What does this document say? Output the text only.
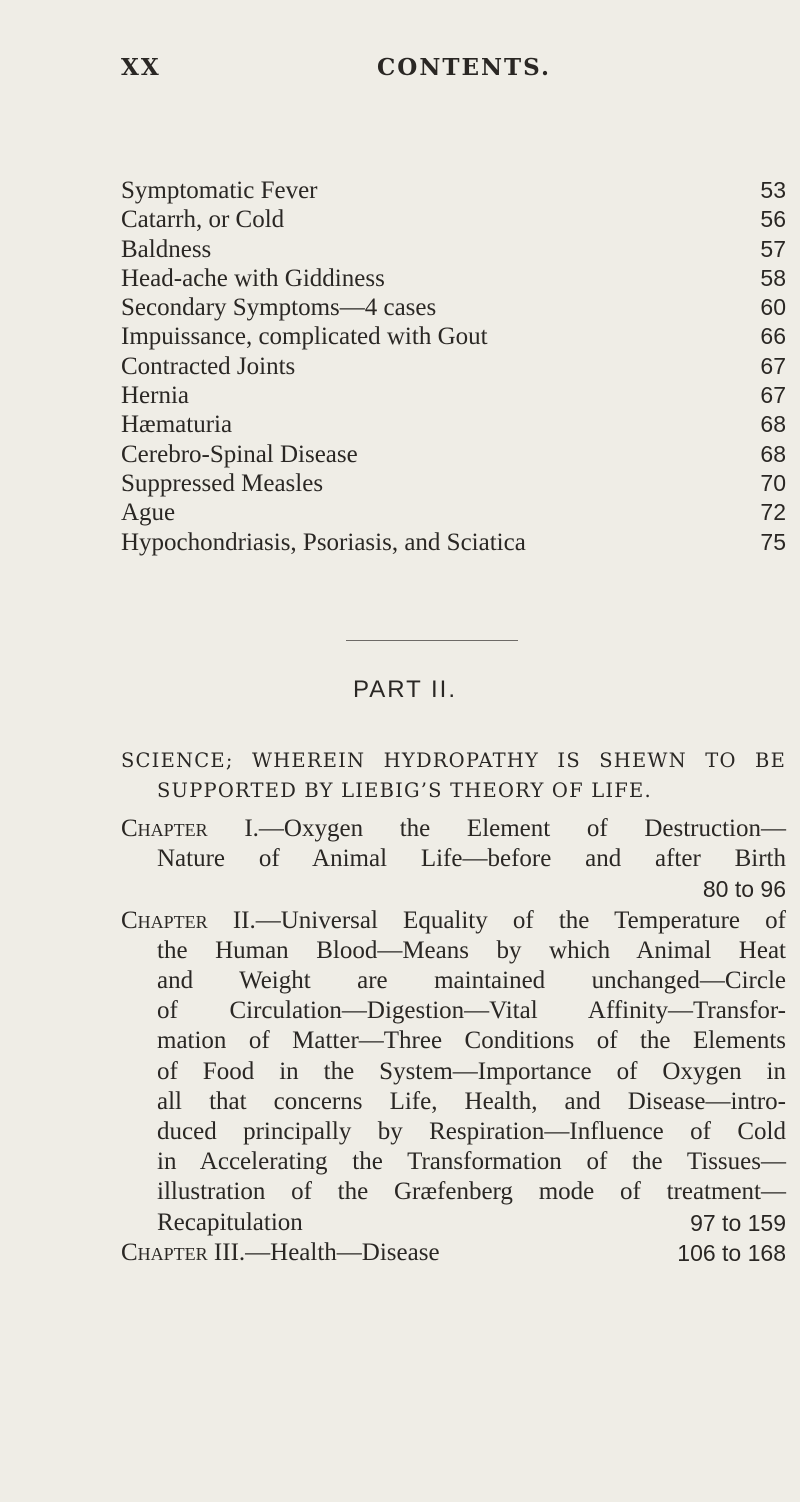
XX	CONTENTS.
Symptomatic Fever	53
Catarrh, or Cold	56
Baldness	57
Head-ache with Giddiness	58
Secondary Symptoms—4 cases	60
Impuissance, complicated with Gout	66
Contracted Joints	67
Hernia	67
Hæmaturia	68
Cerebro-Spinal Disease	68
Suppressed Measles	70
Ague	72
Hypochondriasis, Psoriasis, and Sciatica	75
PART II.
SCIENCE; WHEREIN HYDROPATHY IS SHEWN TO BE
SUPPORTED BY LIEBIG’S THEORY OF LIFE.
Chapter I.—Oxygen the Element of Destruction—
Nature of Animal Life—before and after Birth
80 to 96
Chapter II.—Universal Equality of the Temperature of
the Human Blood—Means by which Animal Heat
and Weight are maintained unchanged—Circle
of Circulation—Digestion—Vital Affinity—Transfor-
mation of Matter—Three Conditions of the Elements
of Food in the System—Importance of Oxygen in
all that concerns Life, Health, and Disease—intro-
duced principally by Respiration—Influence of Cold
in Accelerating the Transformation of the Tissues—
illustration of the Græfenberg mode of treatment—
Recapitulation	97 to 159
Chapter III.—Health—Disease	106 to 168
